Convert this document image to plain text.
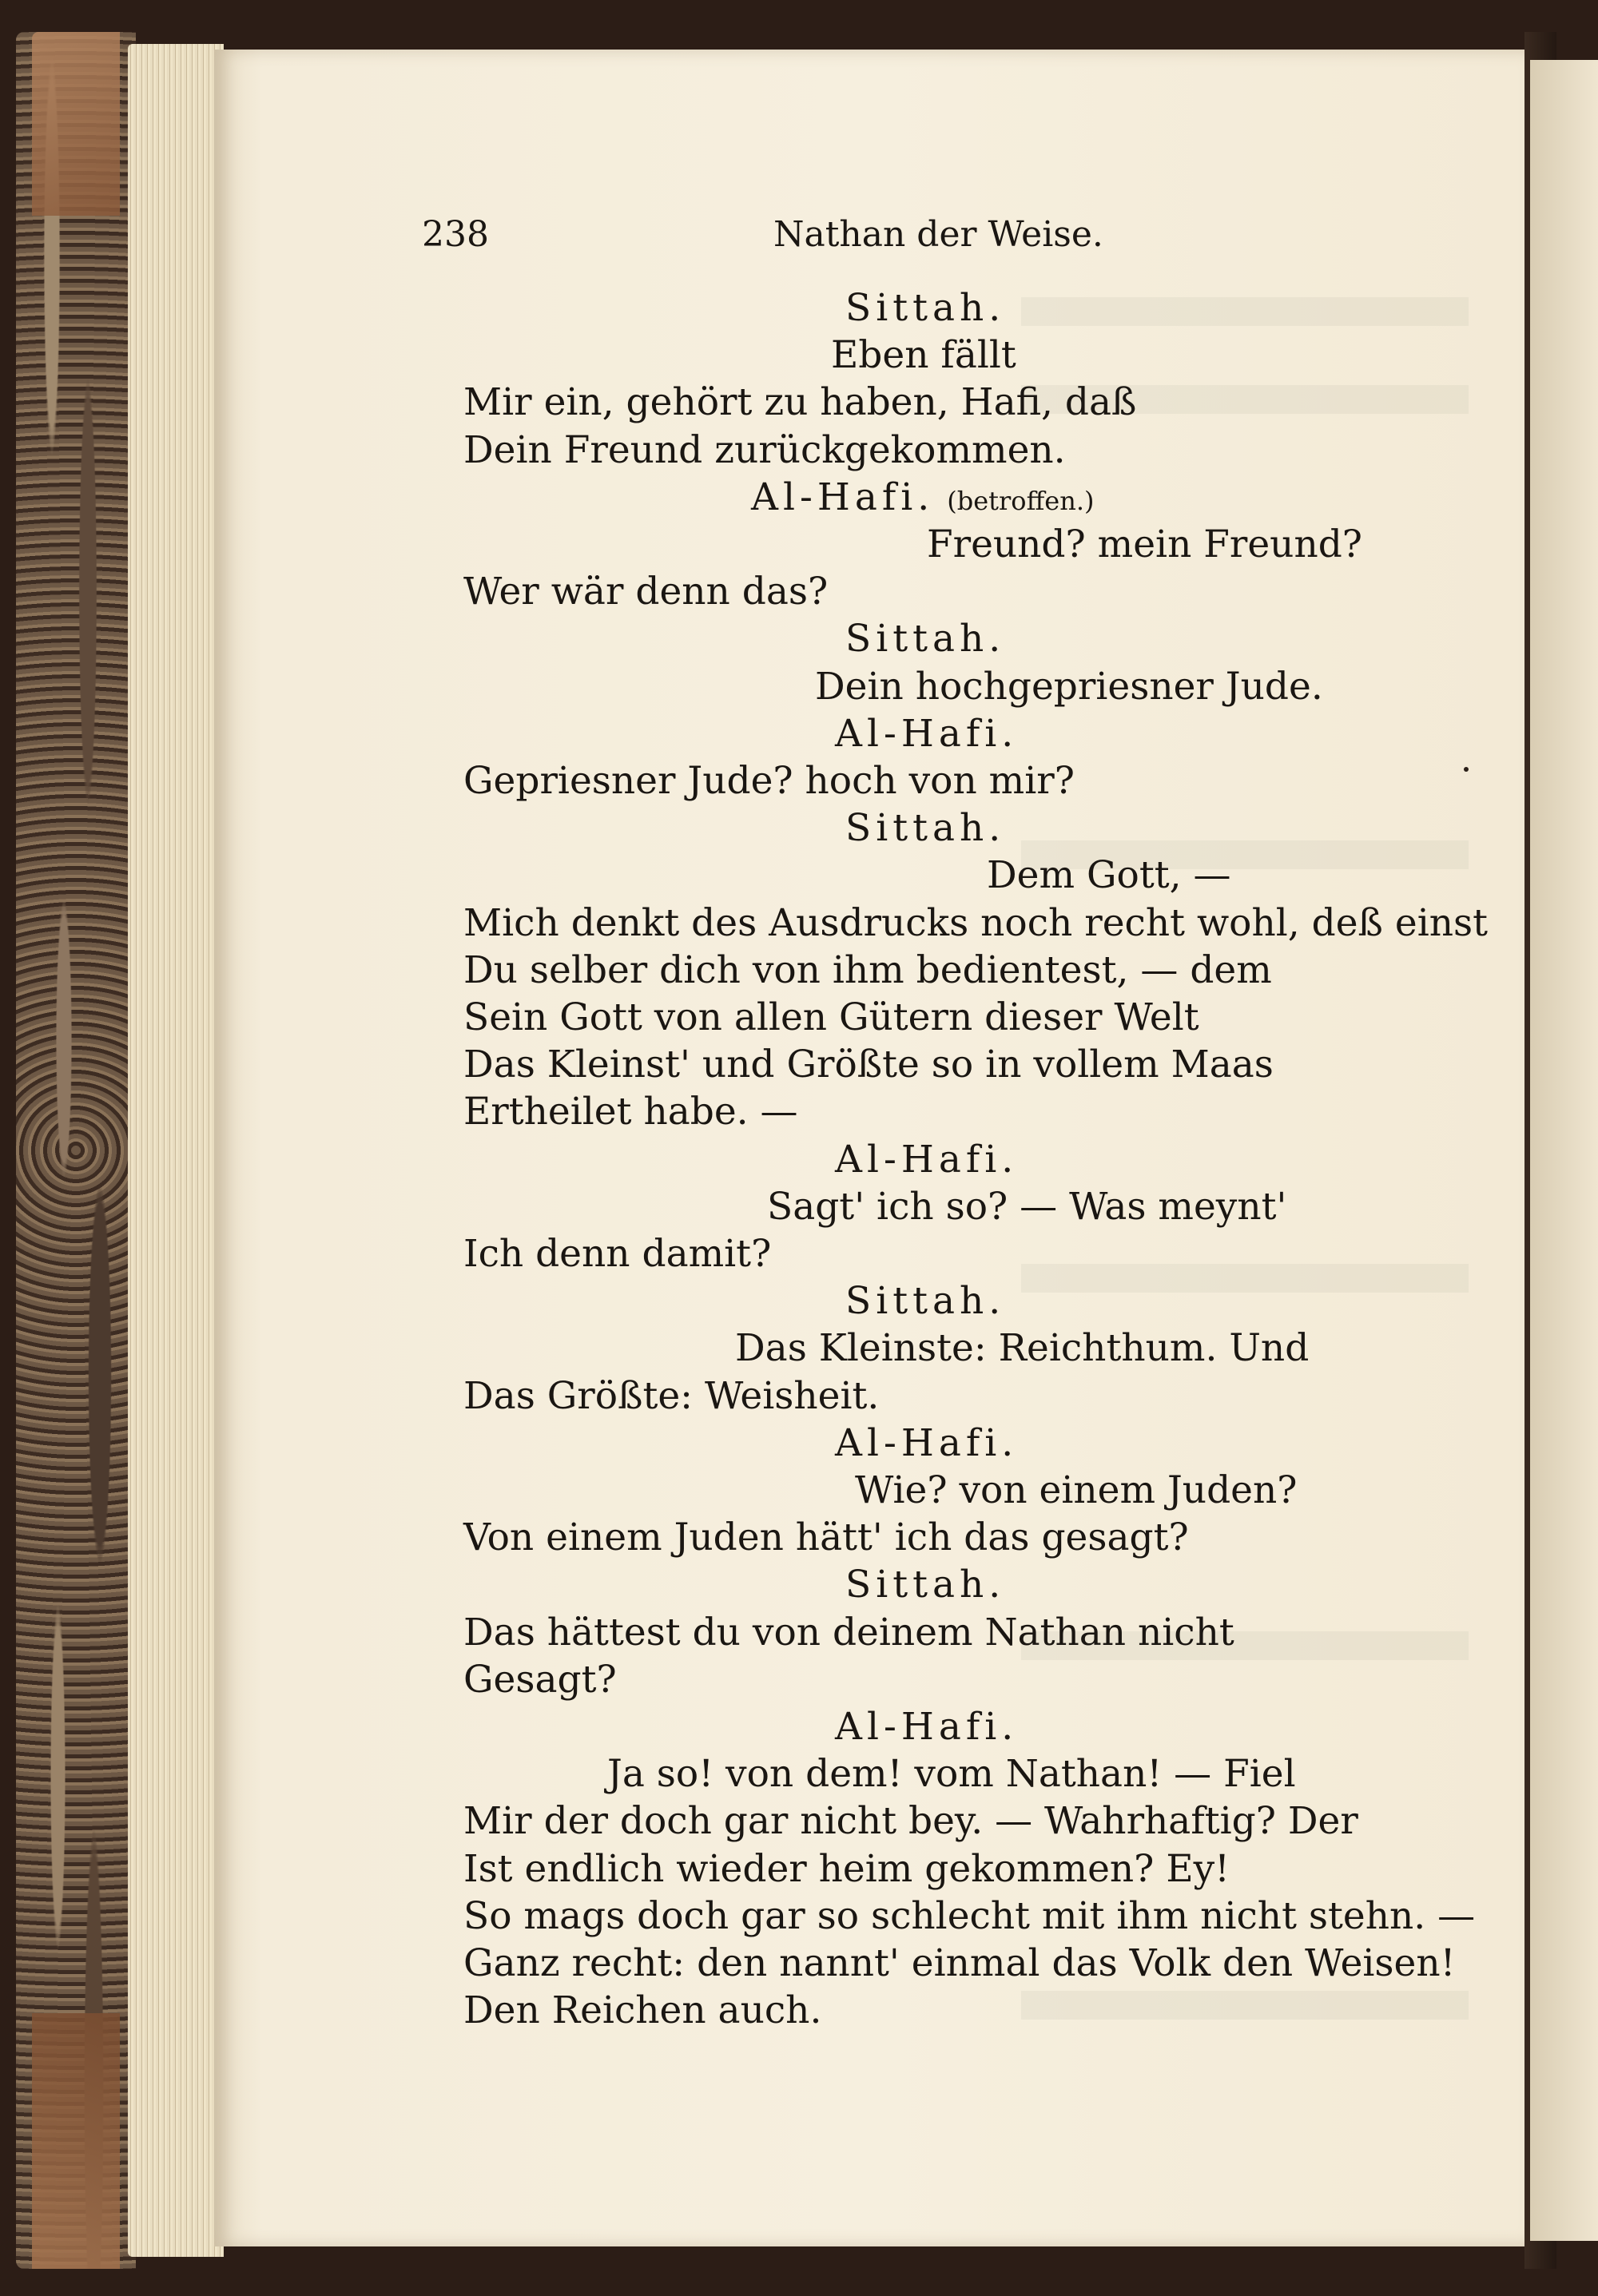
238	Nathan der Weise.
Sittah.
Eben fällt
Mir ein, gehört zu haben, Hafi, daß
Dein Freund zurückgekommen.
Al-Hafi. (betroffen.)
Freund? mein Freund?
Wer wär denn das?
Sittah.
Dein hochgepriesner Jude.
Al-Hafi.
Gepriesner Jude? hoch von mir?
Sittah.
Dem Gott, —
Mich denkt des Ausdrucks noch recht wohl, deß einst
Du selber dich von ihm bedientest, — dem
Sein Gott von allen Gütern dieser Welt
Das Kleinst' und Größte so in vollem Maas
Ertheilet habe. —
Al-Hafi.
Sagt' ich so? — Was meynt'
Ich denn damit?
Sittah.
Das Kleinste: Reichthum. Und
Das Größte: Weisheit.
Al-Hafi.
Wie? von einem Juden?
Von einem Juden hätt' ich das gesagt?
Sittah.
Das hättest du von deinem Nathan nicht
Gesagt?
Al-Hafi.
Ja so! von dem! vom Nathan! — Fiel
Mir der doch gar nicht bey. — Wahrhaftig? Der
Ist endlich wieder heim gekommen? Ey!
So mags doch gar so schlecht mit ihm nicht stehn. —
Ganz recht: den nannt' einmal das Volk den Weisen!
Den Reichen auch.
